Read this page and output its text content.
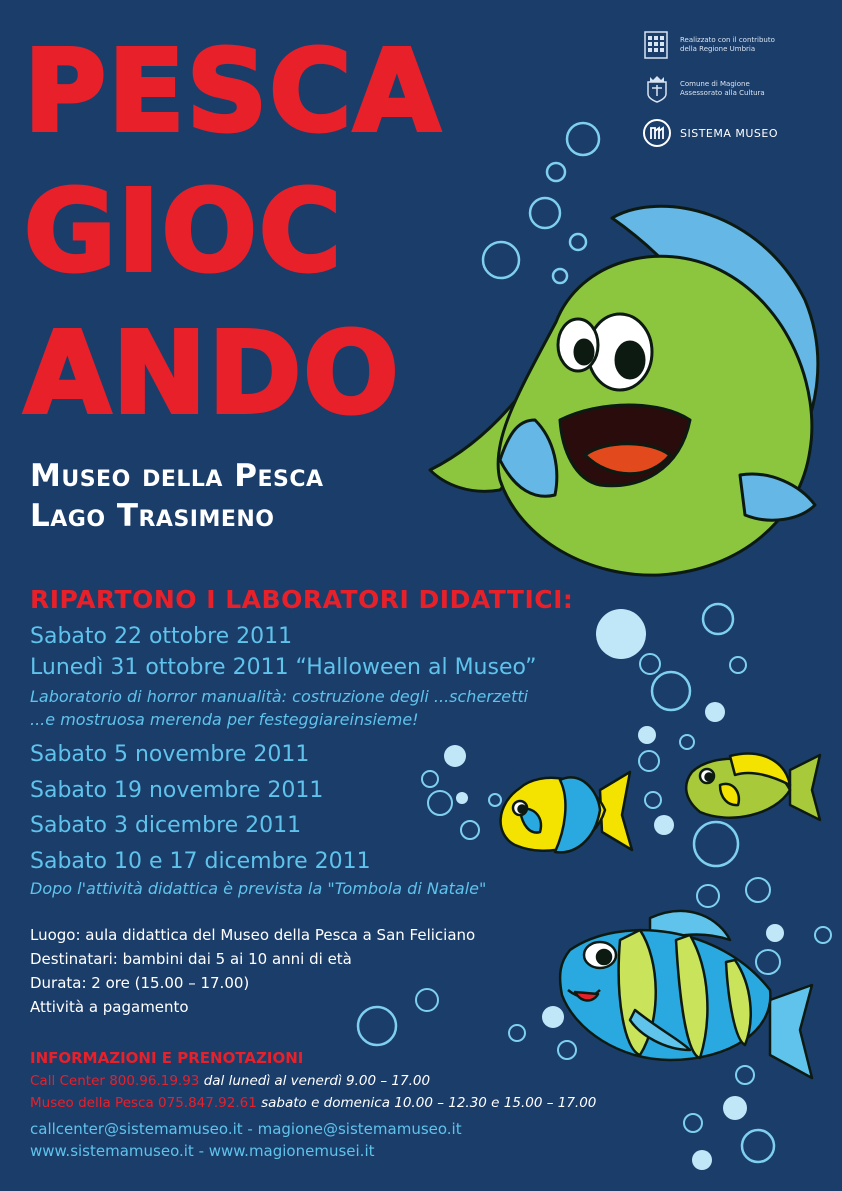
PESCA
GIOC
ANDO
Museo della Pesca
Lago Trasimeno
Realizzato con il contributo
della Regione Umbria
Comune di Magione
Assessorato alla Cultura
SISTEMA MUSEO
RIPARTONO I LABORATORI DIDATTICI:
Sabato 22 ottobre 2011
Lunedì 31 ottobre 2011 “Halloween al Museo”
Laboratorio di horror manualità: costruzione degli ...scherzetti
...e mostruosa merenda per festeggiareinsieme!
Sabato 5 novembre 2011
Sabato 19 novembre 2011
Sabato 3 dicembre 2011
Sabato 10 e 17 dicembre 2011
Dopo l'attività didattica è prevista la "Tombola di Natale"
Luogo: aula didattica del Museo della Pesca a San Feliciano
Destinatari: bambini dai 5 ai 10 anni di età
Durata: 2 ore (15.00 – 17.00)
Attività a pagamento
INFORMAZIONI E PRENOTAZIONI
Call Center 800.96.19.93 dal lunedì al venerdì 9.00 – 17.00
Museo della Pesca 075.847.92.61 sabato e domenica 10.00 – 12.30 e 15.00 – 17.00
callcenter@sistemamuseo.it - magione@sistemamuseo.it
www.sistemamuseo.it - www.magionemusei.it
